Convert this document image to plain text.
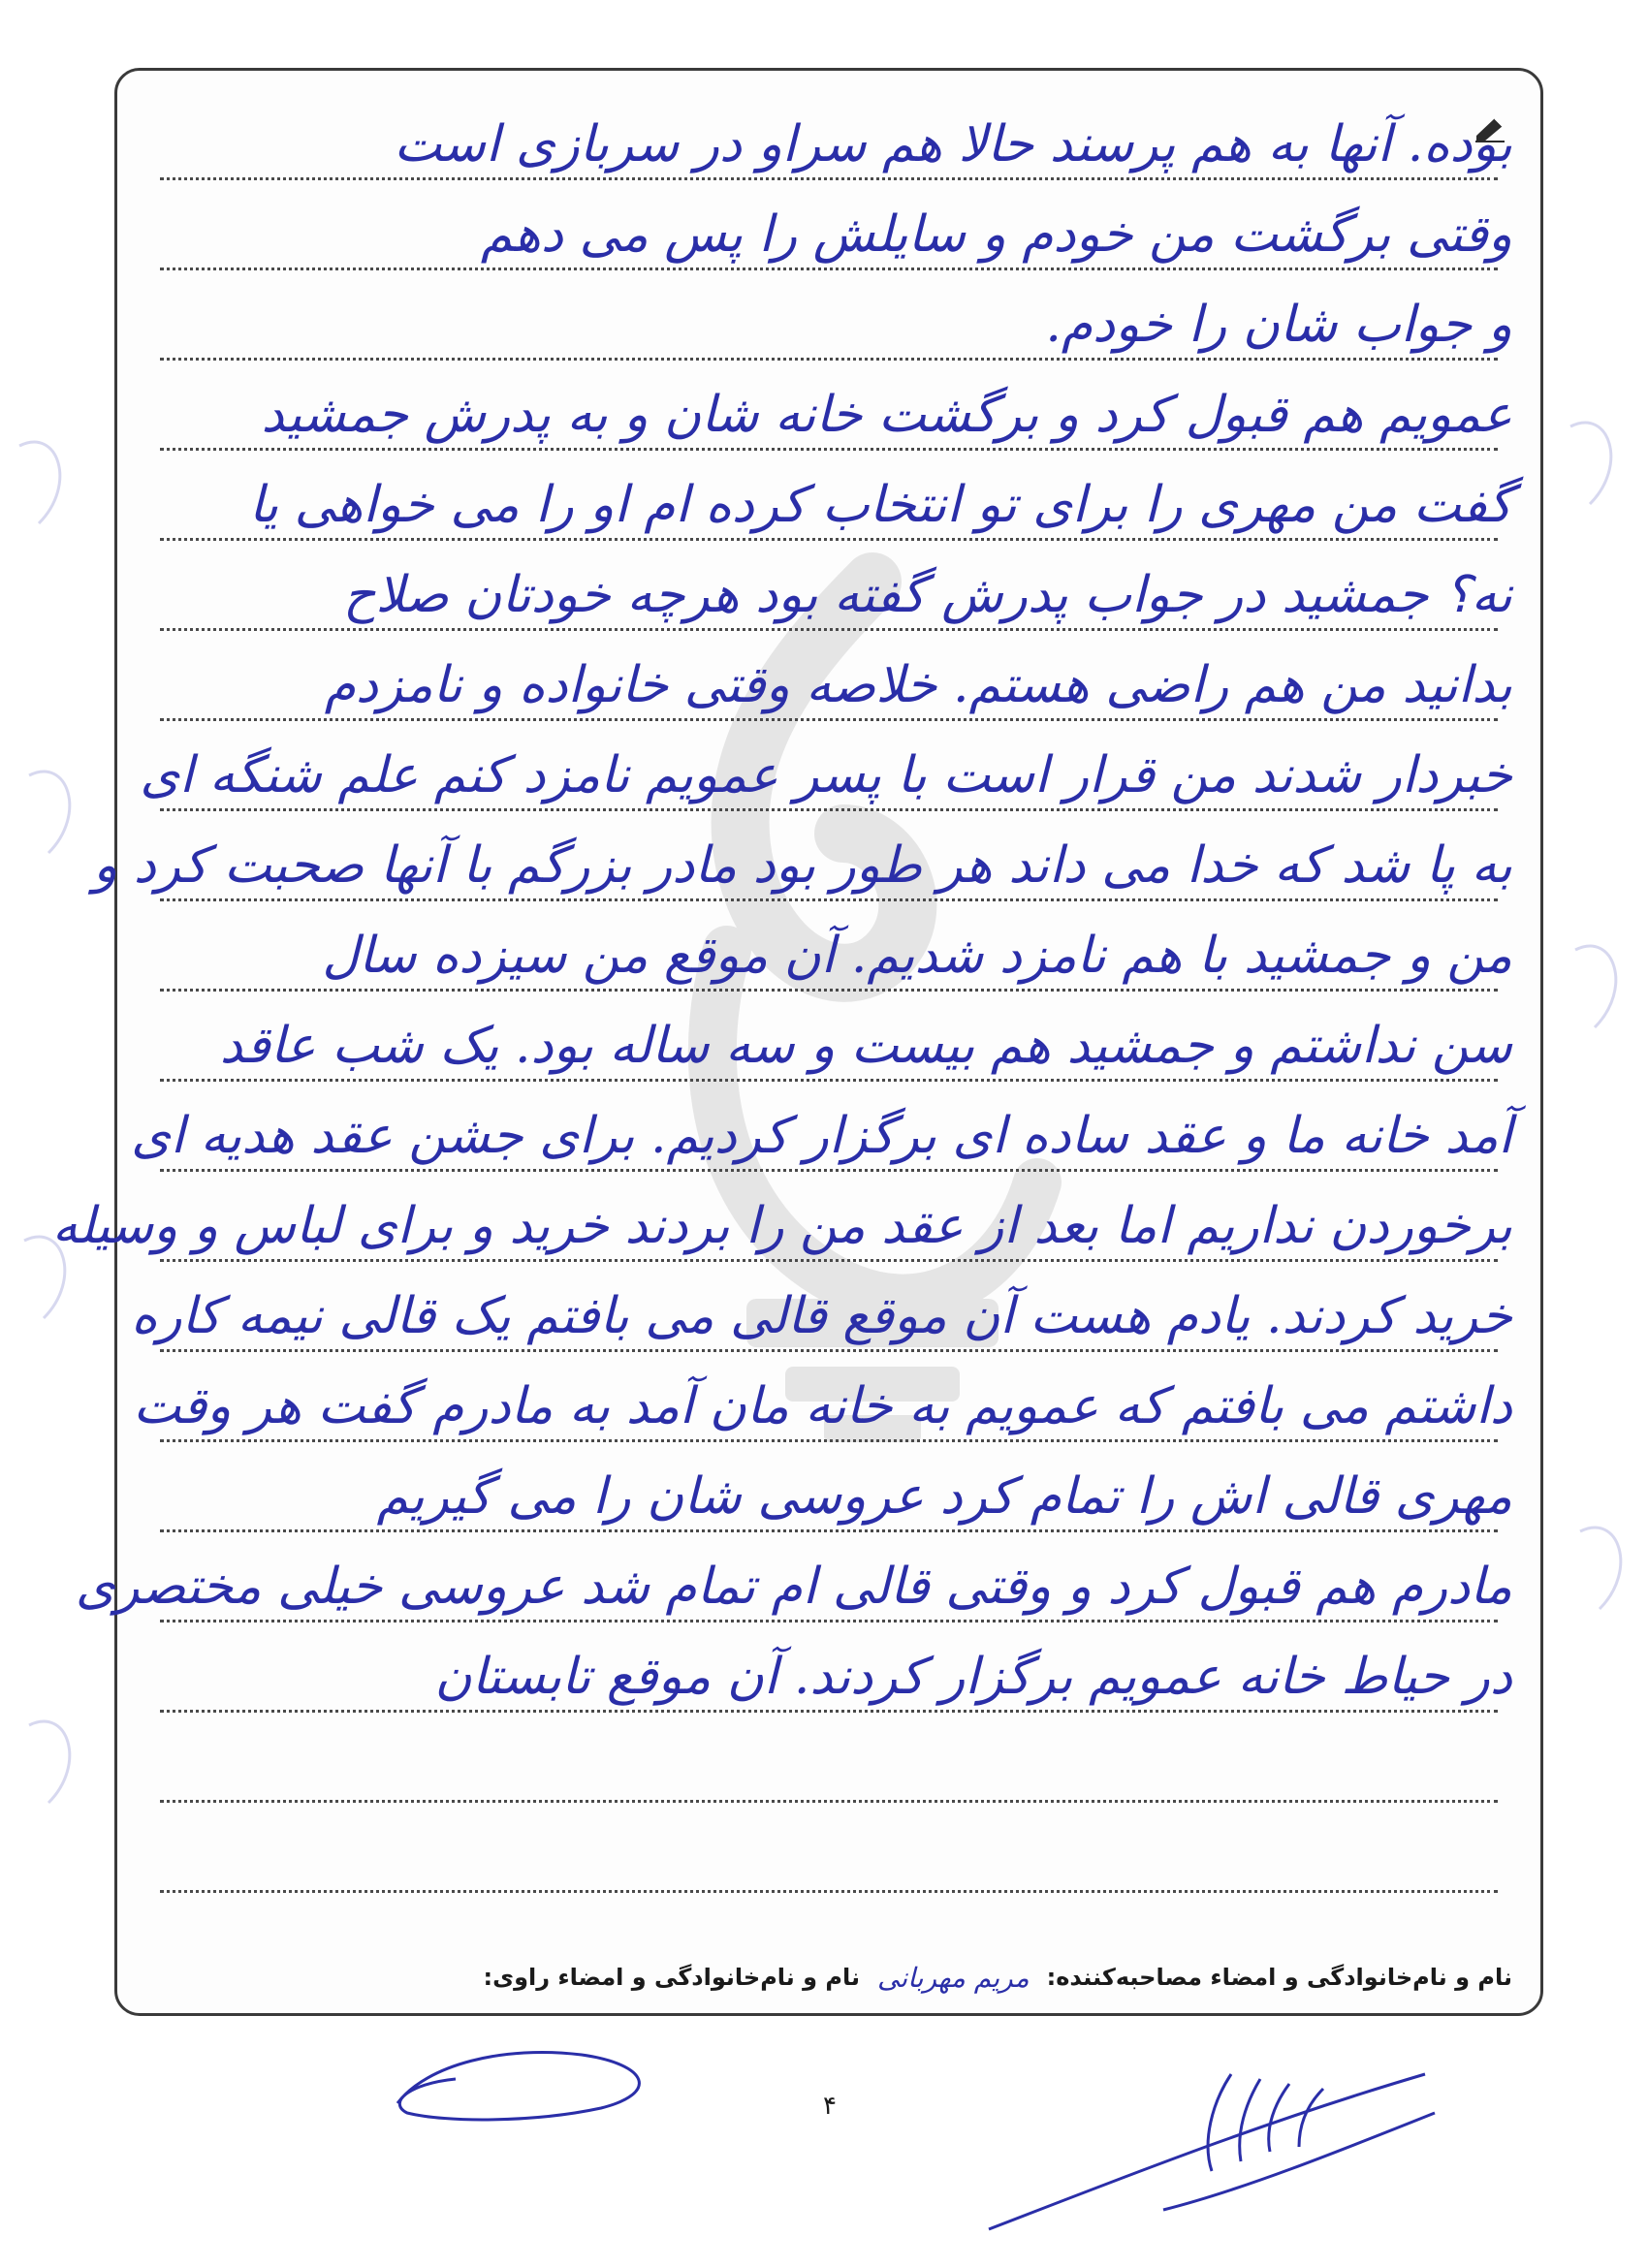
بوده. آنها به هم پرسند حالا هم سراو در سربازی است
وقتی برگشت من خودم و سایلش را پس می دهم
و جواب شان را خودم.
عمویم هم قبول کرد و برگشت خانه شان و به پدرش جمشید
گفت من مهری را برای تو انتخاب کرده ام او را می خواهی یا
نه؟ جمشید در جواب پدرش گفته بود هرچه خودتان صلاح
بدانید من هم راضی هستم. خلاصه وقتی خانواده و نامزدم
خبردار شدند من قرار است با پسر عمویم نامزد کنم علم شنگه ای
به پا شد که خدا می داند هر طور بود مادر بزرگم با آنها صحبت کرد و
من و جمشید با هم نامزد شدیم. آن موقع من سیزده سال
سن نداشتم و جمشید هم بیست و سه ساله بود. یک شب عاقد
آمد خانه ما و عقد ساده ای برگزار کردیم. برای جشن عقد هدیه ای
برخوردن نداریم اما بعد از عقد من را بردند خرید و برای لباس و وسیله
خرید کردند. یادم هست آن موقع قالی می بافتم یک قالی نیمه کاره
داشتم می بافتم که عمویم به خانه مان آمد به مادرم گفت هر وقت
مهری قالی اش را تمام کرد عروسی شان را می گیریم
مادرم هم قبول کرد و وقتی قالی ام تمام شد عروسی خیلی مختصری
در حیاط خانه عمویم برگزار کردند. آن موقع تابستان
نام و نام‌خانوادگی و امضاء مصاحبه‌کننده:
مریم مهربانی
نام و نام‌خانوادگی و امضاء راوی:
۴
